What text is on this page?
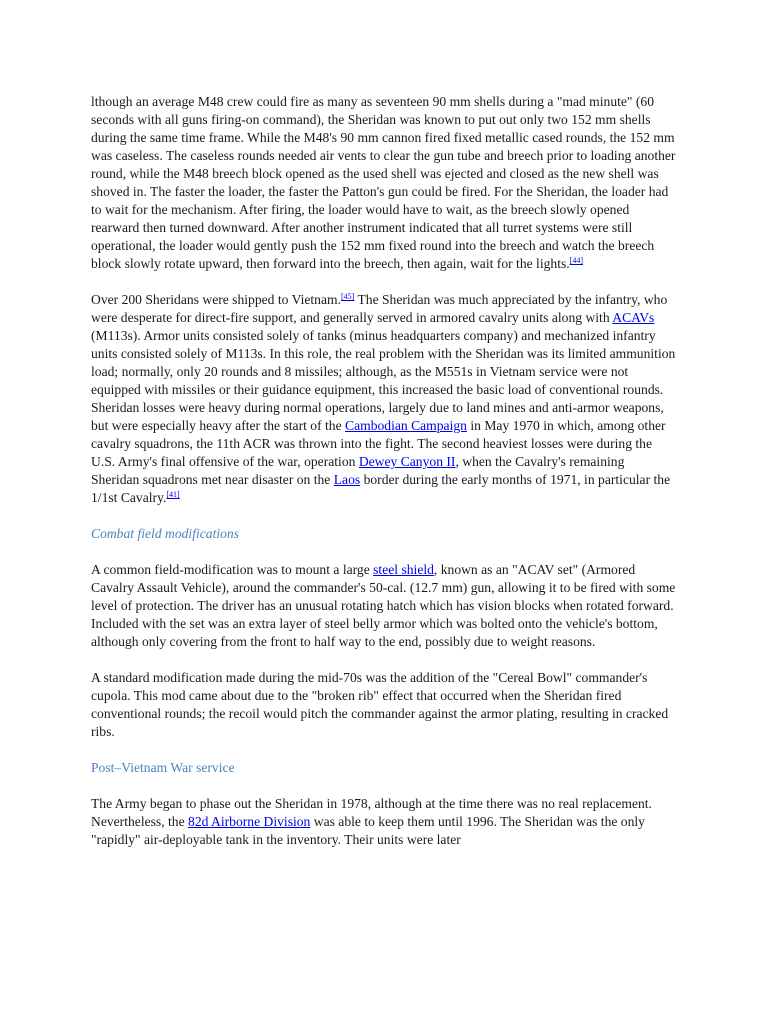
lthough an average M48 crew could fire as many as seventeen 90 mm shells during a "mad minute" (60 seconds with all guns firing-on command), the Sheridan was known to put out only two 152 mm shells during the same time frame. While the M48's 90 mm cannon fired fixed metallic cased rounds, the 152 mm was caseless. The caseless rounds needed air vents to clear the gun tube and breech prior to loading another round, while the M48 breech block opened as the used shell was ejected and closed as the new shell was shoved in. The faster the loader, the faster the Patton's gun could be fired. For the Sheridan, the loader had to wait for the mechanism. After firing, the loader would have to wait, as the breech slowly opened rearward then turned downward. After another instrument indicated that all turret systems were still operational, the loader would gently push the 152 mm fixed round into the breech and watch the breech block slowly rotate upward, then forward into the breech, then again, wait for the lights.[44]

Over 200 Sheridans were shipped to Vietnam.[45] The Sheridan was much appreciated by the infantry, who were desperate for direct-fire support, and generally served in armored cavalry units along with ACAVs (M113s). Armor units consisted solely of tanks (minus headquarters company) and mechanized infantry units consisted solely of M113s. In this role, the real problem with the Sheridan was its limited ammunition load; normally, only 20 rounds and 8 missiles; although, as the M551s in Vietnam service were not equipped with missiles or their guidance equipment, this increased the basic load of conventional rounds. Sheridan losses were heavy during normal operations, largely due to land mines and anti-armor weapons, but were especially heavy after the start of the Cambodian Campaign in May 1970 in which, among other cavalry squadrons, the 11th ACR was thrown into the fight. The second heaviest losses were during the U.S. Army's final offensive of the war, operation Dewey Canyon II, when the Cavalry's remaining Sheridan squadrons met near disaster on the Laos border during the early months of 1971, in particular the 1/1st Cavalry.[41]

Combat field modifications

A common field-modification was to mount a large steel shield, known as an "ACAV set" (Armored Cavalry Assault Vehicle), around the commander's 50-cal. (12.7 mm) gun, allowing it to be fired with some level of protection. The driver has an unusual rotating hatch which has vision blocks when rotated forward. Included with the set was an extra layer of steel belly armor which was bolted onto the vehicle's bottom, although only covering from the front to half way to the end, possibly due to weight reasons.

A standard modification made during the mid-70s was the addition of the "Cereal Bowl" commander's cupola. This mod came about due to the "broken rib" effect that occurred when the Sheridan fired conventional rounds; the recoil would pitch the commander against the armor plating, resulting in cracked ribs.

Post–Vietnam War service

The Army began to phase out the Sheridan in 1978, although at the time there was no real replacement. Nevertheless, the 82d Airborne Division was able to keep them until 1996. The Sheridan was the only "rapidly" air-deployable tank in the inventory. Their units were later
